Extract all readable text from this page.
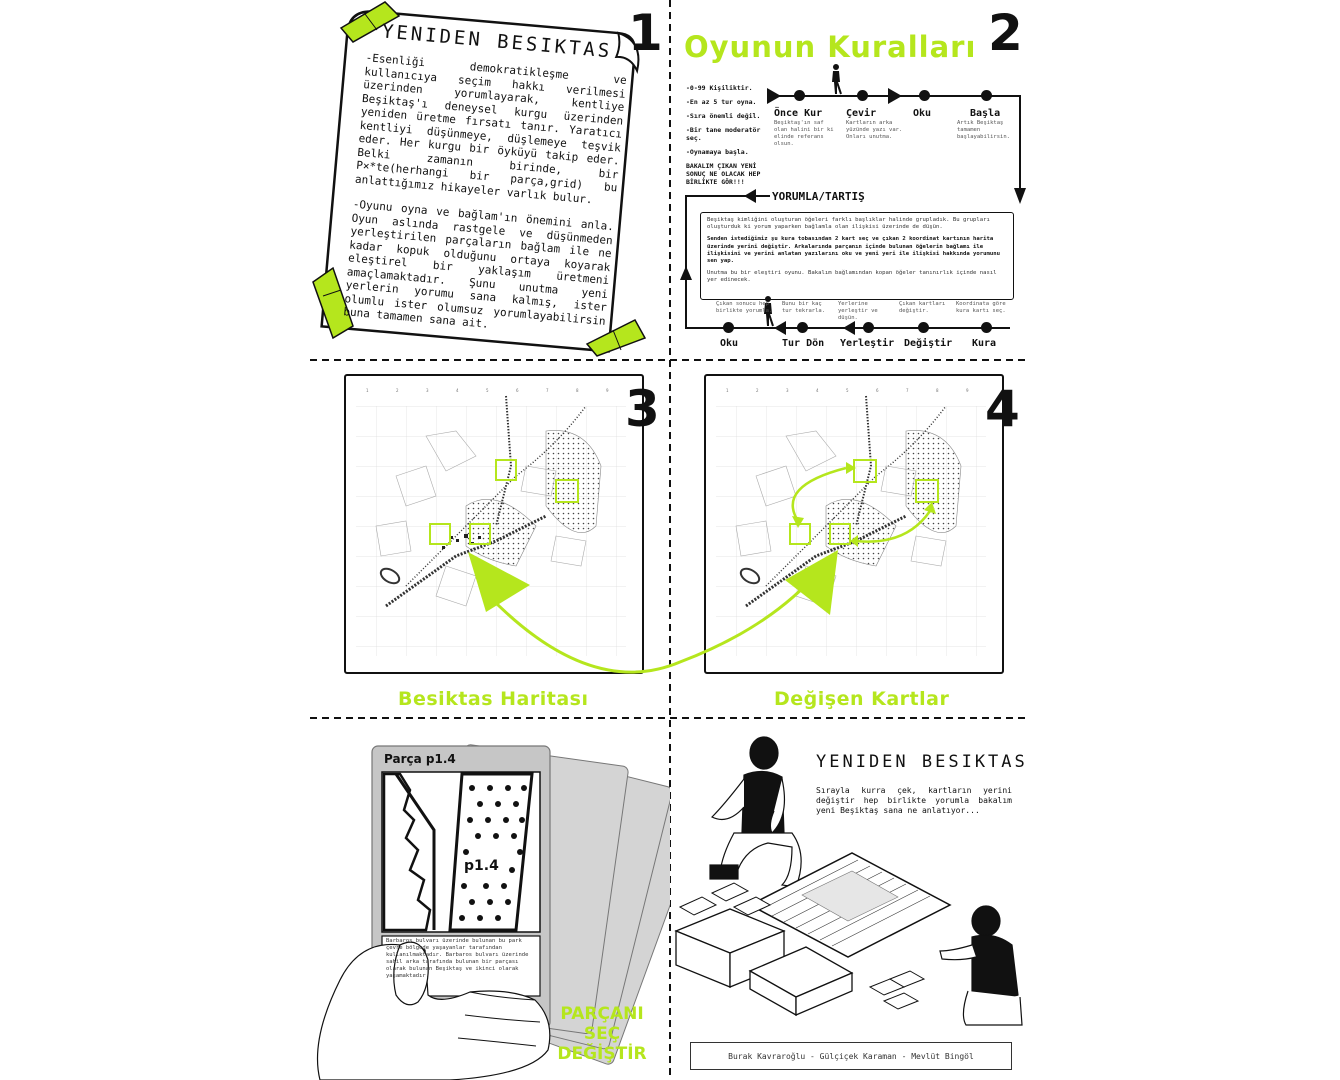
YENIDEN BESIKTAS
-Esenliği demokratikleşme ve kullanıcıya seçim hakkı verilmesi üzerinden yorumlayarak, kentliye Beşiktaş'ı deneysel kurgu üzerinden yeniden üretme fırsatı tanır. Yaratıcı kentliyi düşünmeye, düşlemeye teşvik eder. Her kurgu bir öyküyü takip eder. Belki zamanın birinde, bir P×*te(herhangi bir parça,grid) bu anlattığımız hikayeler varlık bulur.
-Oyunu oyna ve bağlam'ın önemini anla. Oyun aslında rastgele ve düşünmeden yerleştirilen parçaların bağlam ile ne kadar kopuk olduğunu ortaya koyarak eleştirel bir yaklaşım üretmeni amaçlamaktadır. Şunu unutma yeni yerlerin yorumu sana kalmış, ister olumlu ister olumsuz yorumlayabilirsin buna tamamen sana ait.
1 Oyunun Kuralları 2
-0-99 Kişiliktir.
-En az 5 tur oyna.
-Sıra önemli değil.
-Bir tane moderatör seç.
-Oynamaya başla.
BAKALIM ÇIKAN YENİ SONUÇ NE OLACAK HEP BİRLİKTE GÖR!!!
Önce Kur Çevir	Oku	Başla
Beşiktaş'ın saf olan halini bir ki elinde referans olsun.
Kartların arka yüzünde yazı var. Onları unutma.
Artık Beşiktaş tamamen başlayabilirsin.
YORUMLA/TARTIŞ
Beşiktaş kimliğini oluşturan öğeleri farklı başlıklar halinde grupladık. Bu grupları oluşturduk ki yorum yaparken bağlamla olan ilişkisi üzerinde de düşün.
Senden istediğimiz şu kura tobasından 2 kart seç ve çıkan 2 koordinat kartının harita üzerinde yerini değiştir. Arkalarında parçanın içinde bulunan öğelerin bağlamı ile ilişkisini ve yerini anlatan yazılarını oku ve yeni yeri ile ilişkisi hakkında yorumunu sen yap.
Unutma bu bir eleştiri oyunu. Bakalım bağlamından kopan öğeler tanınırlık içinde nasıl yer edinecek.
Çıkan sonucu hep birlikte yorumla.
Bunu bir kaç tur tekrarla.
Yerlerine yerleştir ve düşün.
Çıkan kartları değiştir.
Koordinata göre kura kartı seç.
Oku	Tur Dön Yerleştir Değiştir Kura
1	2	3	4	5	6	7	8	9 3	1	2	3	4	5	6	7	8	9 4
Besiktas Haritası	Değişen Kartlar
Parça p1.4
p1.4
Barbaros bulvarı üzerinde bulunan bu park çevre bölgede yaşayanlar tarafından kullanılmaktadır. Barbaros bulvarı üzerinde sahil arka tarafında bulunan bir parçası olarak bulunan Beşiktaş ve ikinci olarak yaşamaktadır.
PARÇANI
SEÇ
DEĞİŞTİR
YENIDEN BESIKTAS
Sırayla kurra çek, kartların yerini değiştir hep birlikte yorumla bakalım yeni Beşiktaş sana ne anlatıyor...
Burak Kavraroğlu - Gülçiçek Karaman - Mevlüt Bingöl
